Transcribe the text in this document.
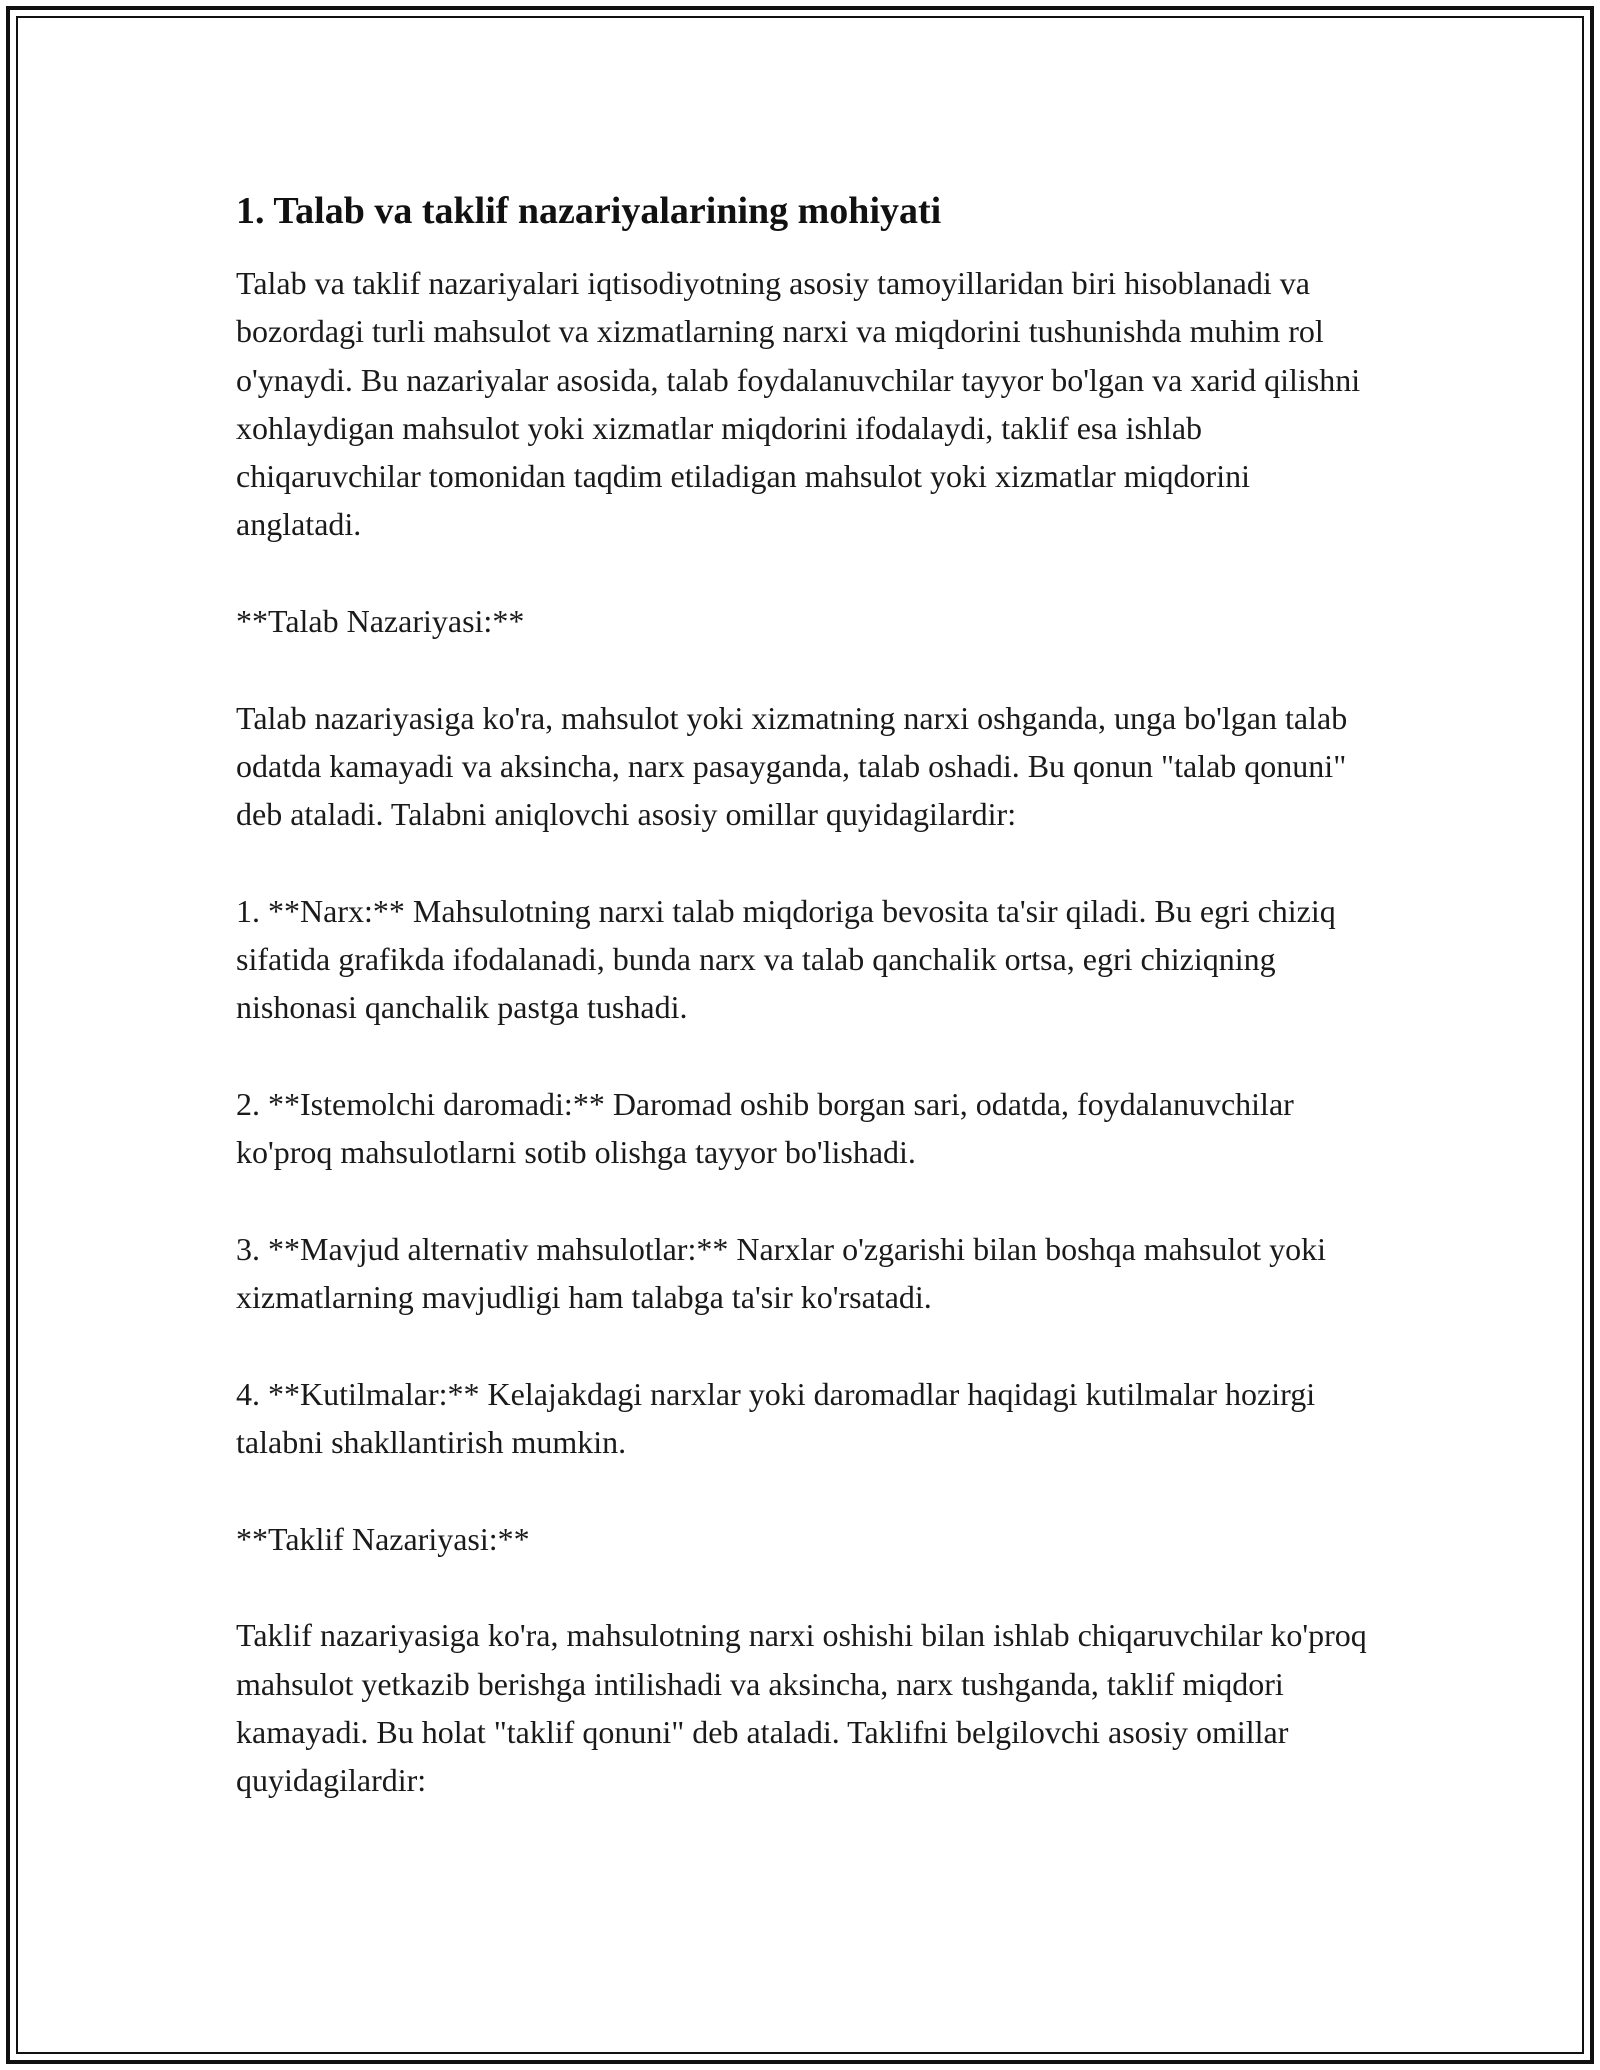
1. Talab va taklif nazariyalarining mohiyati

Talab va taklif nazariyalari iqtisodiyotning asosiy tamoyillaridan biri hisoblanadi va bozordagi turli mahsulot va xizmatlarning narxi va miqdorini tushunishda muhim rol o'ynaydi. Bu nazariyalar asosida, talab foydalanuvchilar tayyor bo'lgan va xarid qilishni xohlaydigan mahsulot yoki xizmatlar miqdorini ifodalaydi, taklif esa ishlab chiqaruvchilar tomonidan taqdim etiladigan mahsulot yoki xizmatlar miqdorini anglatadi.

**Talab Nazariyasi:**

Talab nazariyasiga ko'ra, mahsulot yoki xizmatning narxi oshganda, unga bo'lgan talab odatda kamayadi va aksincha, narx pasayganda, talab oshadi. Bu qonun "talab qonuni" deb ataladi. Talabni aniqlovchi asosiy omillar quyidagilardir:

1. **Narx:** Mahsulotning narxi talab miqdoriga bevosita ta'sir qiladi. Bu egri chiziq sifatida grafikda ifodalanadi, bunda narx va talab qanchalik ortsa, egri chiziqning nishonasi qanchalik pastga tushadi.

2. **Istemolchi daromadi:** Daromad oshib borgan sari, odatda, foydalanuvchilar ko'proq mahsulotlarni sotib olishga tayyor bo'lishadi.

3. **Mavjud alternativ mahsulotlar:** Narxlar o'zgarishi bilan boshqa mahsulot yoki xizmatlarning mavjudligi ham talabga ta'sir ko'rsatadi.

4. **Kutilmalar:** Kelajakdagi narxlar yoki daromadlar haqidagi kutilmalar hozirgi talabni shakllantirish mumkin.

**Taklif Nazariyasi:**

Taklif nazariyasiga ko'ra, mahsulotning narxi oshishi bilan ishlab chiqaruvchilar ko'proq mahsulot yetkazib berishga intilishadi va aksincha, narx tushganda, taklif miqdori kamayadi. Bu holat "taklif qonuni" deb ataladi. Taklifni belgilovchi asosiy omillar quyidagilardir:
